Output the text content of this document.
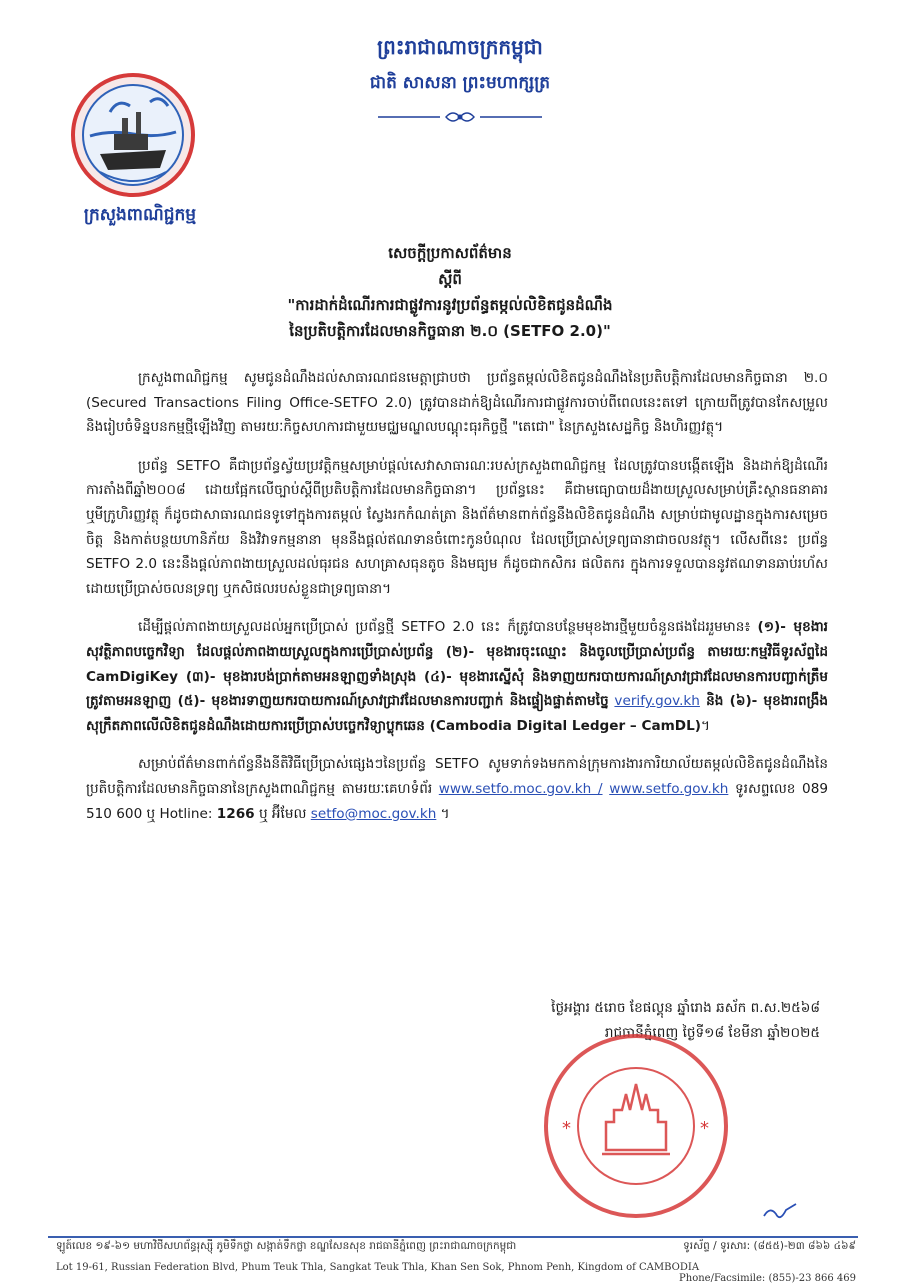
ក្រសួងពាណិជ្ជកម្ម
ព្រះរាជាណាចក្រកម្ពុជា
ជាតិ សាសនា ព្រះមហាក្សត្រ
សេចក្តីប្រកាសព័ត៌មាន
ស្តីពី
"ការដាក់ដំណើរការជាផ្លូវការនូវប្រព័ន្ធតម្កល់លិខិតជូនដំណឹង
នៃប្រតិបត្តិការដែលមានកិច្ចធានា ២.០ (SETFO 2.0)"

ក្រសួងពាណិជ្ជកម្ម សូមជូនដំណឹងដល់សាធារណជនមេត្តាជ្រាបថា ប្រព័ន្ធតម្កល់លិខិតជូនដំណឹងនៃប្រតិបត្តិការដែលមានកិច្ចធានា ២.០ (Secured Transactions Filing Office-SETFO 2.0) ត្រូវបានដាក់ឱ្យដំណើរការជាផ្លូវការចាប់ពីពេលនេះតទៅ ក្រោយពីត្រូវបានកែសម្រួល និងរៀបចំទិន្នបនកម្មថ្មីឡើងវិញ តាមរយៈកិច្ចសហការជាមួយមជ្ឈមណ្ឌលបណ្តុះធុរកិច្ចថ្មី "តេជោ" នៃក្រសួងសេដ្ឋកិច្ច និងហិរញ្ញវត្ថុ។

ប្រព័ន្ធ SETFO គឺជាប្រព័ន្ធស្វ័យប្រវត្តិកម្មសម្រាប់ផ្តល់សេវាសាធារណៈរបស់ក្រសួងពាណិជ្ជកម្ម ដែលត្រូវបានបង្កើតឡើង និងដាក់ឱ្យដំណើរការតាំងពីឆ្នាំ២០០៨ ដោយផ្អែកលើច្បាប់ស្តីពីប្រតិបត្តិការដែលមានកិច្ចធានា។ ប្រព័ន្ធនេះ គឺជាមធ្យោបាយដ៏ងាយស្រួលសម្រាប់គ្រឹះស្ថានធនាគារ ឬមីក្រូហិរញ្ញវត្ថុ ក៏ដូចជាសាធារណជនទូទៅក្នុងការតម្កល់ ស្វែងរកកំណត់ត្រា និងព័ត៌មានពាក់ព័ន្ធនឹងលិខិតជូនដំណឹង សម្រាប់ជាមូលដ្ឋានក្នុងការសម្រេចចិត្ត និងកាត់បន្ថយហានិភ័យ និងវិវាទកម្មនានា មុននឹងផ្តល់ឥណទានចំពោះកូនបំណុល ដែលប្រើប្រាស់ទ្រព្យធានាជាចលនវត្ថុ។ លើសពីនេះ ប្រព័ន្ធ SETFO 2.0 នេះនឹងផ្តល់ភាពងាយស្រួលដល់ធុរជន សហគ្រាសធុនតូច និងមធ្យម ក៏ដូចជាកសិករ ផលិតករ ក្នុងការទទួលបាននូវឥណទានឆាប់រហ័ស ដោយប្រើប្រាស់ចលនទ្រព្យ ឬកសិផលរបស់ខ្លួនជាទ្រព្យធានា។

ដើម្បីផ្តល់ភាពងាយស្រួលដល់អ្នកប្រើប្រាស់ ប្រព័ន្ធថ្មី SETFO 2.0 នេះ ក៏ត្រូវបានបន្ថែមមុខងារថ្មីមួយចំនួនផងដែររួមមាន៖ (១)- មុខងារសុវត្ថិភាពបច្ចេកវិទ្យា ដែលផ្តល់ភាពងាយស្រួលក្នុងការប្រើប្រាស់ប្រព័ន្ធ (២)- មុខងារចុះឈ្មោះ និងចូលប្រើប្រាស់ប្រព័ន្ធ តាមរយៈកម្មវិធីទូរស័ព្ទដៃ CamDigiKey (៣)- មុខងារបង់ប្រាក់តាមអនឡាញទាំងស្រុង (៤)- មុខងារស្នើសុំ និងទាញយករបាយការណ៍ស្រាវជ្រាវដែលមានការបញ្ជាក់ត្រឹមត្រូវតាមអនឡាញ (៥)- មុខងារទាញយករបាយការណ៍ស្រាវជ្រាវដែលមានការបញ្ជាក់ និងផ្ទៀងផ្ទាត់តាមច្នៃ verify.gov.kh និង (៦)- មុខងារពង្រឹងសុក្រឹតភាពលើលិខិតជូនដំណឹងដោយការប្រើប្រាស់បច្ចេកវិទ្យាប្លុកឆេន (Cambodia Digital Ledger – CamDL)។

សម្រាប់ព័ត៌មានពាក់ព័ន្ធនឹងនីតិវិធីប្រើប្រាស់ផ្សេងៗនៃប្រព័ន្ធ SETFO សូមទាក់ទងមកកាន់ក្រុមការងារការិយាល័យតម្កល់លិខិតជូនដំណឹងនៃប្រតិបត្តិការដែលមានកិច្ចធានានៃក្រសួងពាណិជ្ជកម្ម តាមរយៈគេហទំព័រ www.setfo.moc.gov.kh / www.setfo.gov.kh ទូរសព្ទលេខ 089 510 600 ឬ Hotline: 1266 ឬ អ៊ីមែល setfo@moc.gov.kh ។

ថ្ងៃអង្គារ ៥រោច ខែផល្គុន ឆ្នាំរោង ឆស័ក ព.ស.២៥៦៨
រាជធានីភ្នំពេញ ថ្ងៃទី១៨ ខែមីនា ឆ្នាំ២០២៥
*	*
ឡូត៍លេខ ១៩-៦១ មហាវិថីសហព័ន្ធរុស្ស៊ី ភូមិទឹកថ្លា សង្កាត់ទឹកថ្លា ខណ្ឌសែនសុខ រាជធានីភ្នំពេញ ព្រះរាជាណាចក្រកម្ពុជា	ទូរស័ព្ទ / ទូរសារ: (៨៥៥)-២៣ ៨៦៦ ៤៦៩
Lot 19-61, Russian Federation Blvd, Phum Teuk Thla, Sangkat Teuk Thla, Khan Sen Sok, Phnom Penh, Kingdom of CAMBODIA
Phone/Facsimile: (855)-23 866 469
